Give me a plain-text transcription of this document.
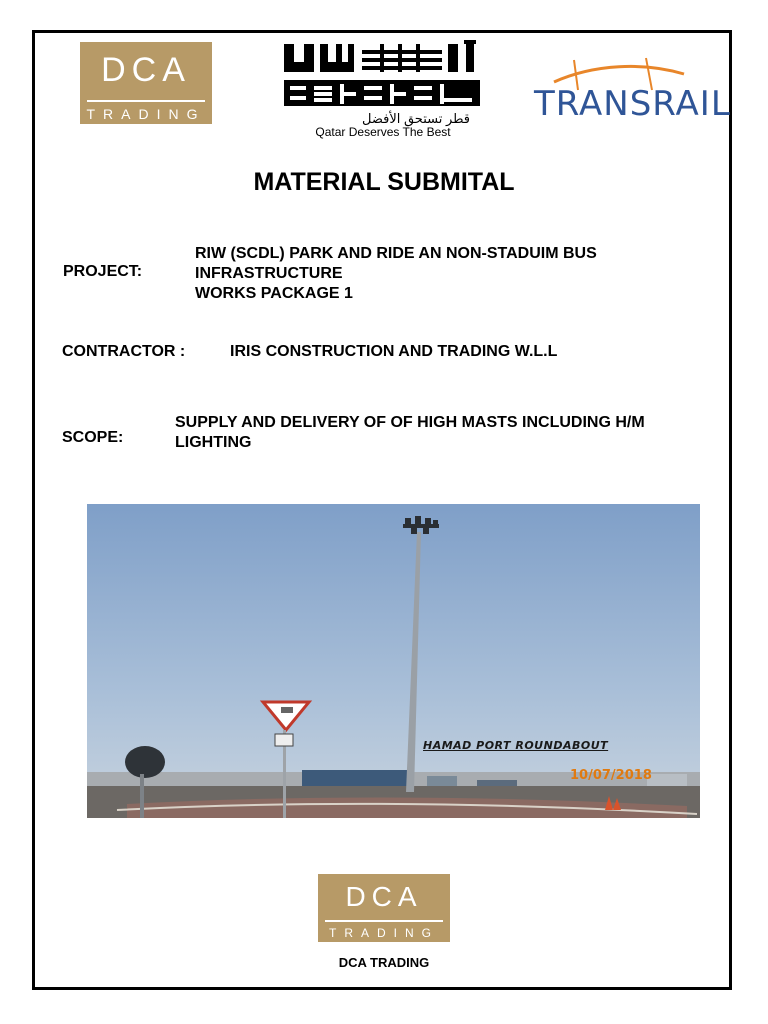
DCA
TRADING	قطر تستحق الأفضل
Qatar Deserves The Best
TRANSRAIL
MATERIAL SUBMITAL
PROJECT:
RIW (SCDL) PARK AND RIDE AN NON-STADUIM BUS
INFRASTRUCTURE
WORKS PACKAGE 1
CONTRACTOR :	IRIS CONSTRUCTION AND TRADING W.L.L
SCOPE:
SUPPLY AND DELIVERY OF OF HIGH MASTS INCLUDING H/M
LIGHTING
HAMAD PORT ROUNDABOUT
10/07/2018
DCA
TRADING
DCA TRADING
